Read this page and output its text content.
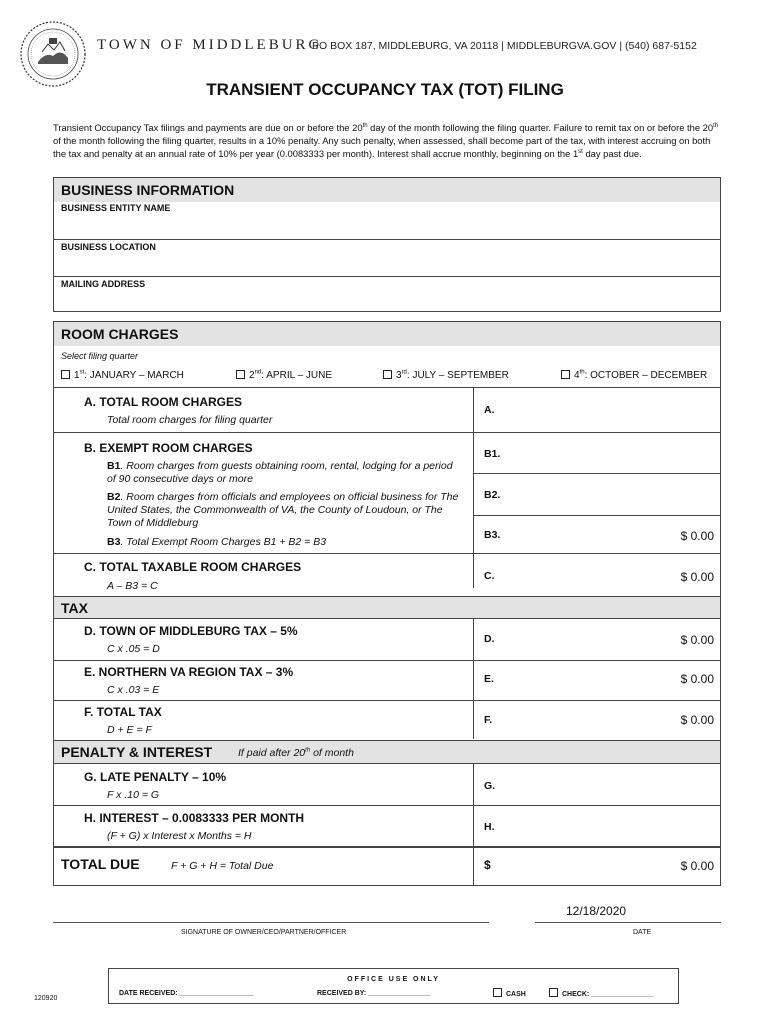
TOWN OF MIDDLEBURG
PO BOX 187, MIDDLEBURG, VA 20118 | MIDDLEBURGVA.GOV | (540) 687-5152
TRANSIENT OCCUPANCY TAX (TOT) FILING
Transient Occupancy Tax filings and payments are due on or before the 20th day of the month following the filing quarter. Failure to remit tax on or before the 20th of the month following the filing quarter, results in a 10% penalty. Any such penalty, when assessed, shall become part of the tax, with interest accruing on both the tax and penalty at an annual rate of 10% per year (0.0083333 per month). Interest shall accrue monthly, beginning on the 1st day past due.
BUSINESS INFORMATION
BUSINESS ENTITY NAME
BUSINESS LOCATION
MAILING ADDRESS
ROOM CHARGES
Select filing quarter
1st: JANUARY – MARCH	2nd: APRIL – JUNE	3rd: JULY – SEPTEMBER	4th: OCTOBER – DECEMBER
A. TOTAL ROOM CHARGES
Total room charges for filing quarter
A.
B. EXEMPT ROOM CHARGES
B1. Room charges from guests obtaining room, rental, lodging for a period of 90 consecutive days or more
B2. Room charges from officials and employees on official business for The United States, the Commonwealth of VA, the County of Loudoun, or The Town of Middleburg
B3. Total Exempt Room Charges B1 + B2 = B3
B1.
B2.
B3.	$ 0.00
C. TOTAL TAXABLE ROOM CHARGES
A – B3 = C
C.	$ 0.00
TAX
D. TOWN OF MIDDLEBURG TAX – 5%
C x .05 = D
D.	$ 0.00
E. NORTHERN VA REGION TAX – 3%
C x .03 = E
E.	$ 0.00
F. TOTAL TAX
D + E = F
F.	$ 0.00
PENALTY & INTEREST If paid after 20th of month
G. LATE PENALTY – 10%
F x .10 = G
G.
H. INTEREST – 0.0083333 PER MONTH
(F + G) x Interest x Months = H
H.
TOTAL DUE	F + G + H = Total Due	$	$ 0.00
SIGNATURE OF OWNER/CEO/PARTNER/OFFICER
12/18/2020
DATE
OFFICE USE ONLY
DATE RECEIVED: ___________________	RECEIVED BY: ________________	CASH	CHECK: ________________
120920
